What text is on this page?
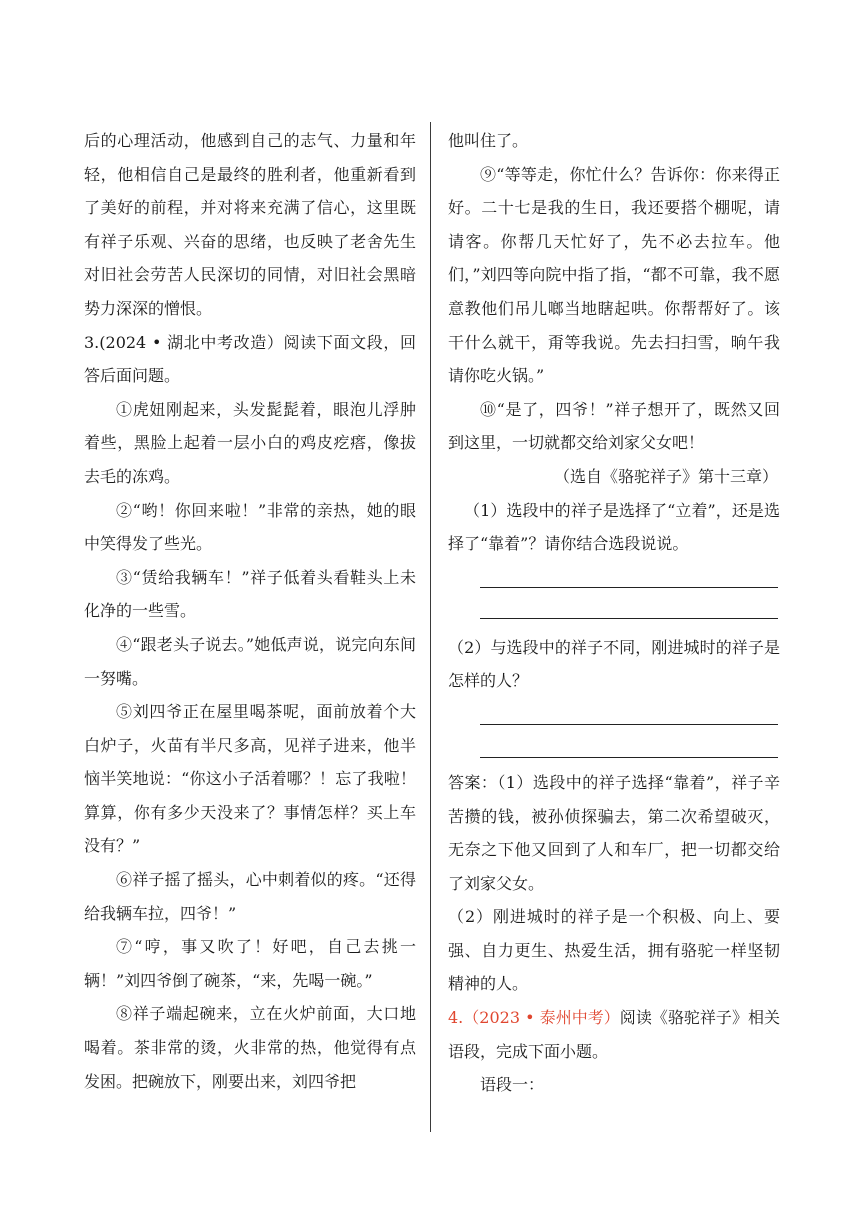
后的心理活动，他感到自己的志气、力量和年轻，他相信自己是最终的胜利者，他重新看到了美好的前程，并对将来充满了信心，这里既有祥子乐观、兴奋的思绪，也反映了老舍先生对旧社会劳苦人民深切的同情，对旧社会黑暗势力深深的憎恨。

3.(2024 • 湖北中考改造）阅读下面文段，回答后面问题。

①虎妞刚起来，头发髭髭着，眼泡儿浮肿着些，黑脸上起着一层小白的鸡皮疙瘩，像拔去毛的冻鸡。

②“哟！你回来啦！”非常的亲热，她的眼中笑得发了些光。

③“赁给我辆车！”祥子低着头看鞋头上未化净的一些雪。

④“跟老头子说去。”她低声说，说完向东间一努嘴。

⑤刘四爷正在屋里喝茶呢，面前放着个大白炉子，火苗有半尺多高，见祥子进来，他半恼半笑地说：“你这小子活着哪？！忘了我啦！算算，你有多少天没来了？事情怎样？买上车没有？”

⑥祥子摇了摇头，心中刺着似的疼。“还得给我辆车拉，四爷！”

⑦“哼，事又吹了！好吧，自己去挑一辆！”刘四爷倒了碗茶，“来，先喝一碗。”

⑧祥子端起碗来，立在火炉前面，大口地喝着。茶非常的烫，火非常的热，他觉得有点发困。把碗放下，刚要出来，刘四爷把

他叫住了。

⑨“等等走，你忙什么？告诉你：你来得正好。二十七是我的生日，我还要搭个棚呢，请请客。你帮几天忙好了，先不必去拉车。他们，”刘四等向院中指了指，“都不可靠，我不愿意教他们吊儿啷当地瞎起哄。你帮帮好了。该干什么就干，甭等我说。先去扫扫雪，晌午我请你吃火锅。”

⑩“是了，四爷！”祥子想开了，既然又回到这里，一切就都交给刘家父女吧！

（选自《骆驼祥子》第十三章）

（1）选段中的祥子是选择了“立着”，还是选择了“靠着”？请你结合选段说说。

（2）与选段中的祥子不同，刚进城时的祥子是怎样的人？

答案：（1）选段中的祥子选择“靠着”，祥子辛苦攒的钱，被孙侦探骗去，第二次希望破灭，无奈之下他又回到了人和车厂，把一切都交给了刘家父女。

（2）刚进城时的祥子是一个积极、向上、要强、自力更生、热爱生活，拥有骆驼一样坚韧精神的人。

4.（2023 • 泰州中考）阅读《骆驼祥子》相关语段，完成下面小题。

语段一：
